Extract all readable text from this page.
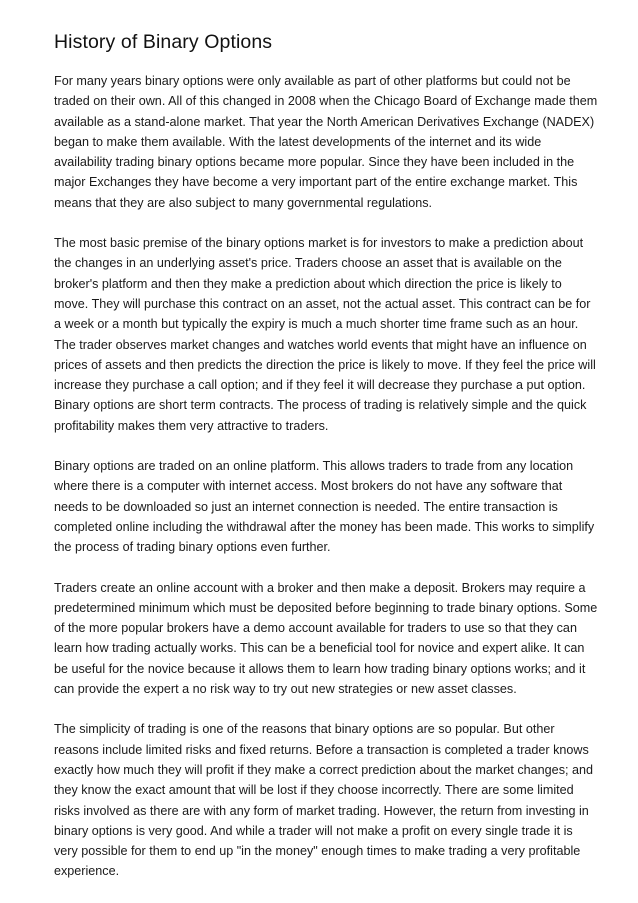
History of Binary Options

For many years binary options were only available as part of other platforms but could not be traded on their own. All of this changed in 2008 when the Chicago Board of Exchange made them available as a stand-alone market. That year the North American Derivatives Exchange (NADEX) began to make them available. With the latest developments of the internet and its wide availability trading binary options became more popular. Since they have been included in the major Exchanges they have become a very important part of the entire exchange market. This means that they are also subject to many governmental regulations.

The most basic premise of the binary options market is for investors to make a prediction about the changes in an underlying asset's price. Traders choose an asset that is available on the broker's platform and then they make a prediction about which direction the price is likely to move. They will purchase this contract on an asset, not the actual asset. This contract can be for a week or a month but typically the expiry is much a much shorter time frame such as an hour. The trader observes market changes and watches world events that might have an influence on prices of assets and then predicts the direction the price is likely to move. If they feel the price will increase they purchase a call option; and if they feel it will decrease they purchase a put option. Binary options are short term contracts. The process of trading is relatively simple and the quick profitability makes them very attractive to traders.

Binary options are traded on an online platform. This allows traders to trade from any location where there is a computer with internet access. Most brokers do not have any software that needs to be downloaded so just an internet connection is needed. The entire transaction is completed online including the withdrawal after the money has been made. This works to simplify the process of trading binary options even further.

Traders create an online account with a broker and then make a deposit. Brokers may require a predetermined minimum which must be deposited before beginning to trade binary options. Some of the more popular brokers have a demo account available for traders to use so that they can learn how trading actually works. This can be a beneficial tool for novice and expert alike. It can be useful for the novice because it allows them to learn how trading binary options works; and it can provide the expert a no risk way to try out new strategies or new asset classes.

The simplicity of trading is one of the reasons that binary options are so popular. But other reasons include limited risks and fixed returns. Before a transaction is completed a trader knows exactly how much they will profit if they make a correct prediction about the market changes; and they know the exact amount that will be lost if they choose incorrectly. There are some limited risks involved as there are with any form of market trading. However, the return from investing in binary options is very good. And while a trader will not make a profit on every single trade it is very possible for them to end up "in the money" enough times to make trading a very profitable experience.
